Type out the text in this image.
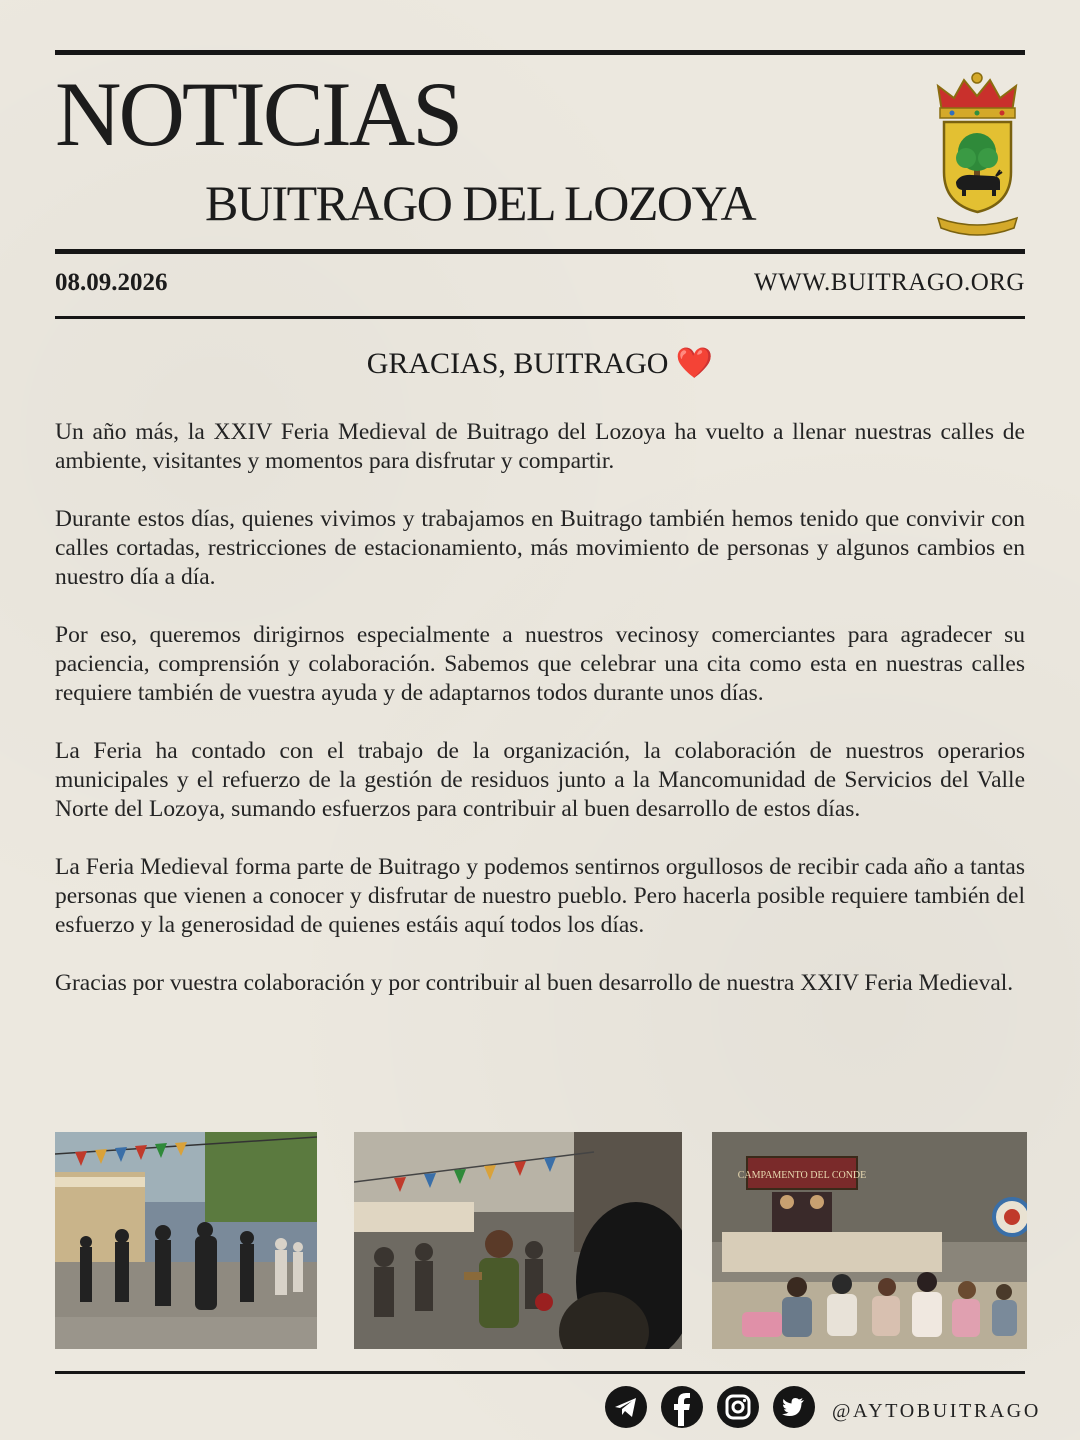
NOTICIAS
BUITRAGO DEL LOZOYA
08.09.2026	WWW.BUITRAGO.ORG
GRACIAS, BUITRAGO ❤️

Un año más, la XXIV Feria Medieval de Buitrago del Lozoya ha vuelto a llenar nuestras calles de ambiente, visitantes y momentos para disfrutar y compartir.

Durante estos días, quienes vivimos y trabajamos en Buitrago también hemos tenido que convivir con calles cortadas, restricciones de estacionamiento, más movimiento de personas y algunos cambios en nuestro día a día.

Por eso, queremos dirigirnos especialmente a nuestros vecinosy comerciantes para agradecer su paciencia, comprensión y colaboración. Sabemos que celebrar una cita como esta en nuestras calles requiere también de vuestra ayuda y de adaptarnos todos durante unos días.

La Feria ha contado con el trabajo de la organización, la colaboración de nuestros operarios municipales y el refuerzo de la gestión de residuos junto a la Mancomunidad de Servicios del Valle Norte del Lozoya, sumando esfuerzos para contribuir al buen desarrollo de estos días.

La Feria Medieval forma parte de Buitrago y podemos sentirnos orgullosos de recibir cada año a tantas personas que vienen a conocer y disfrutar de nuestro pueblo. Pero hacerla posible requiere también del esfuerzo y la generosidad de quienes estáis aquí todos los días.

Gracias por vuestra colaboración y por contribuir al buen desarrollo de nuestra XXIV Feria Medieval.

CAMPAMENTO DEL CONDE
@AYTOBUITRAGO
